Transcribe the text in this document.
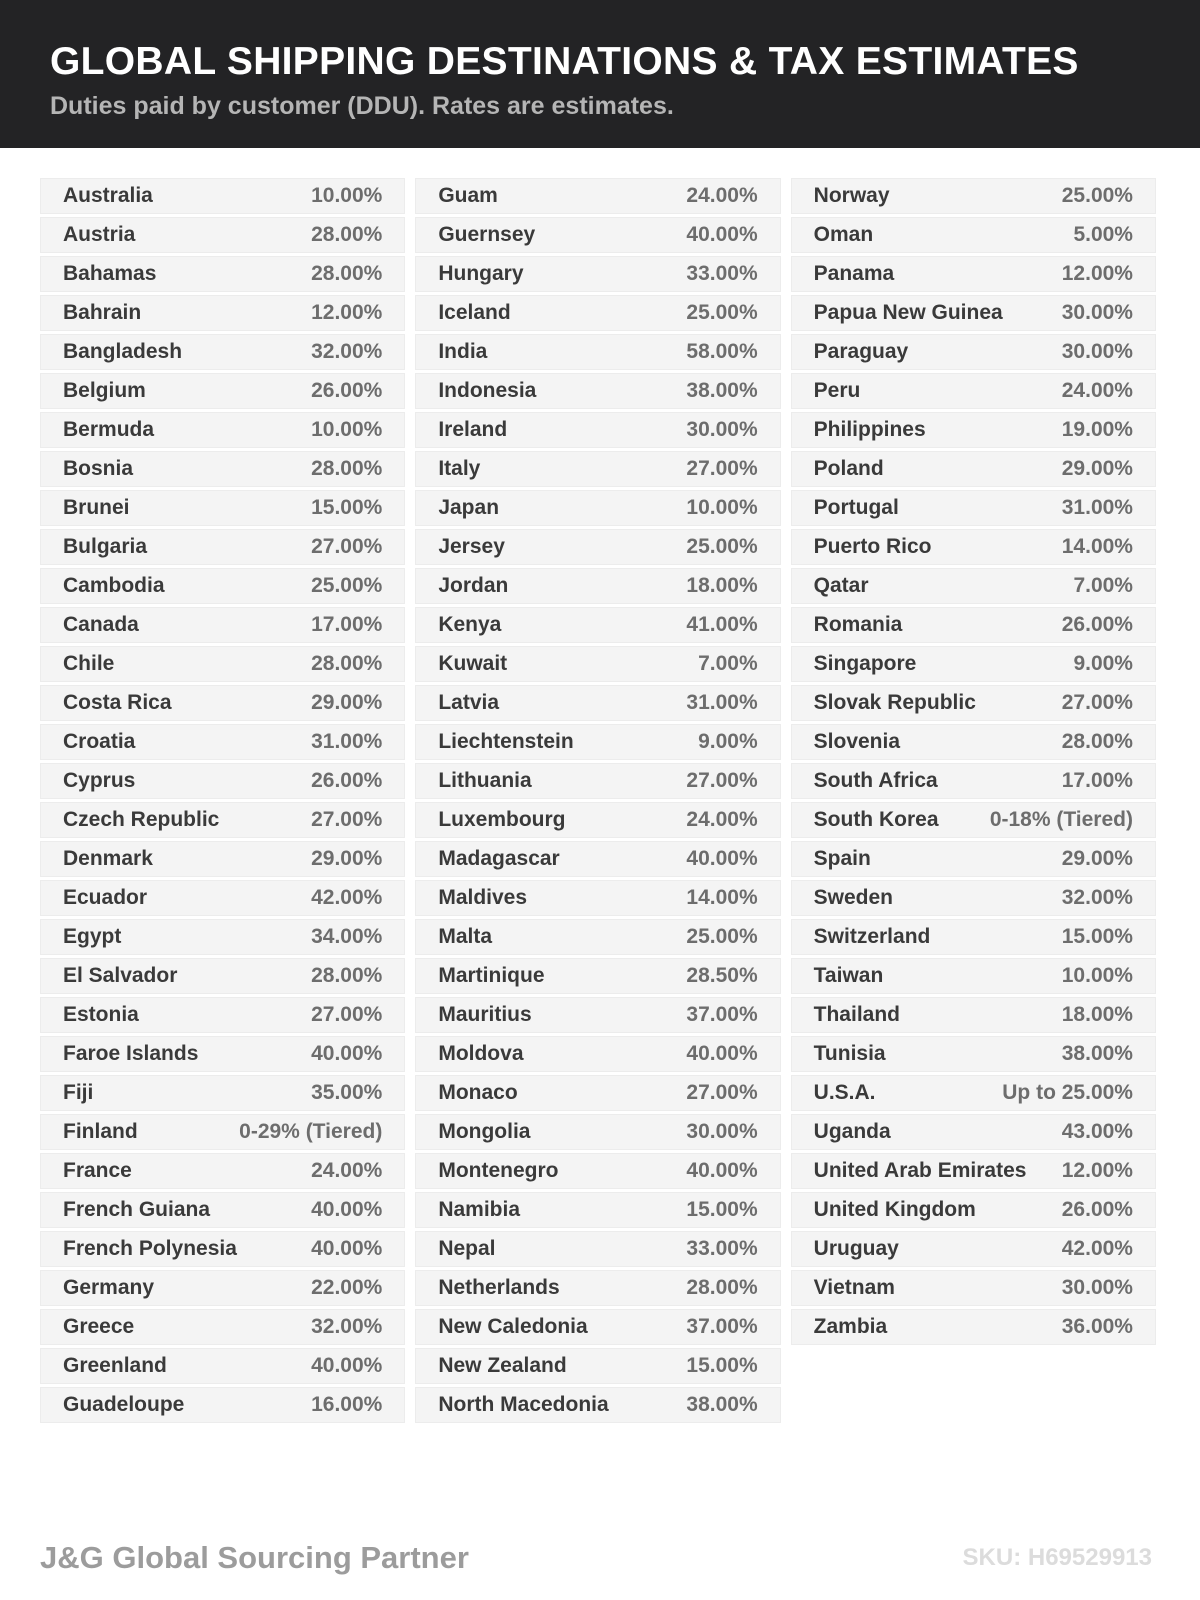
GLOBAL SHIPPING DESTINATIONS & TAX ESTIMATES

Duties paid by customer (DDU). Rates are estimates.

Australia	10.00%
Austria	28.00%
Bahamas	28.00%
Bahrain	12.00%
Bangladesh	32.00%
Belgium	26.00%
Bermuda	10.00%
Bosnia	28.00%
Brunei	15.00%
Bulgaria	27.00%
Cambodia	25.00%
Canada	17.00%
Chile	28.00%
Costa Rica	29.00%
Croatia	31.00%
Cyprus	26.00%
Czech Republic	27.00%
Denmark	29.00%
Ecuador	42.00%
Egypt	34.00%
El Salvador	28.00%
Estonia	27.00%
Faroe Islands	40.00%
Fiji	35.00%
Finland	0-29% (Tiered)
France	24.00%
French Guiana	40.00%
French Polynesia	40.00%
Germany	22.00%
Greece	32.00%
Greenland	40.00%
Guadeloupe	16.00%
Guam	24.00%
Guernsey	40.00%
Hungary	33.00%
Iceland	25.00%
India	58.00%
Indonesia	38.00%
Ireland	30.00%
Italy	27.00%
Japan	10.00%
Jersey	25.00%
Jordan	18.00%
Kenya	41.00%
Kuwait	7.00%
Latvia	31.00%
Liechtenstein	9.00%
Lithuania	27.00%
Luxembourg	24.00%
Madagascar	40.00%
Maldives	14.00%
Malta	25.00%
Martinique	28.50%
Mauritius	37.00%
Moldova	40.00%
Monaco	27.00%
Mongolia	30.00%
Montenegro	40.00%
Namibia	15.00%
Nepal	33.00%
Netherlands	28.00%
New Caledonia	37.00%
New Zealand	15.00%
North Macedonia	38.00%
Norway	25.00%
Oman	5.00%
Panama	12.00%
Papua New Guinea	30.00%
Paraguay	30.00%
Peru	24.00%
Philippines	19.00%
Poland	29.00%
Portugal	31.00%
Puerto Rico	14.00%
Qatar	7.00%
Romania	26.00%
Singapore	9.00%
Slovak Republic	27.00%
Slovenia	28.00%
South Africa	17.00%
South Korea 0-18% (Tiered)
Spain	29.00%
Sweden	32.00%
Switzerland	15.00%
Taiwan	10.00%
Thailand	18.00%
Tunisia	38.00%
U.S.A.	Up to 25.00%
Uganda	43.00%
United Arab Emirates 12.00%
United Kingdom	26.00%
Uruguay	42.00%
Vietnam	30.00%
Zambia	36.00%
J&G Global Sourcing Partner	SKU: H69529913
